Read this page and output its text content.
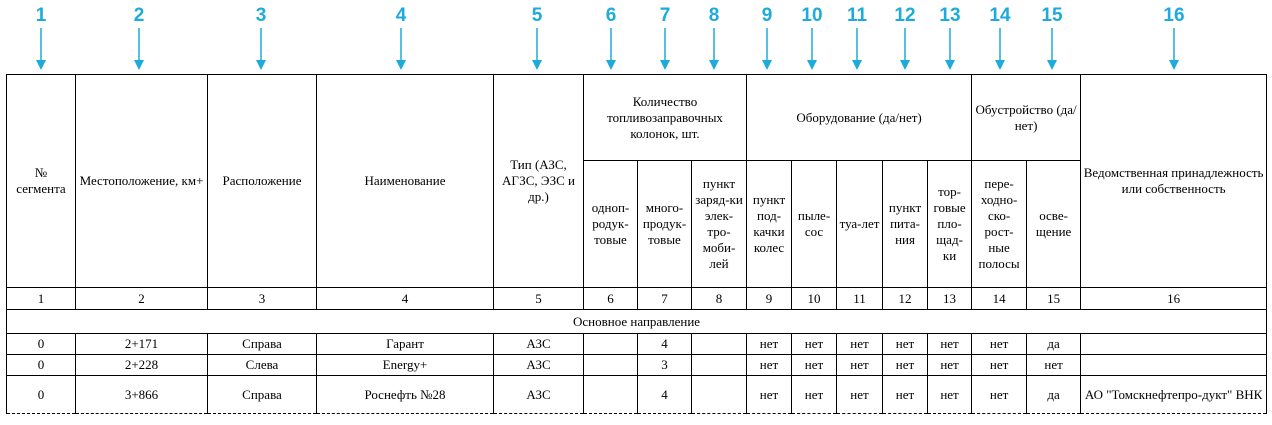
1	2	3	4	5	6	7	8	9	10	11	12	13	14	15	16
№ сегмента	Местоположение, км+	Расположение	Наименование	Тип (АЗС, АГЗС, ЭЗС и др.)	Количество топливозаправочных колонок, шт.			Оборудование (да/нет)					Обустройство (да/нет)		Ведомственная принадлежность или собственность
					одноп-родук-товые	много-продук-товые	пункт заряд-ки элек-тро-моби-лей	пункт под-качки колес	пыле-сос	туа-лет	пункт пита-ния	тор-говые пло-щад-ки	пере-ходно-ско-рост-ные полосы	осве-щение	
1	2	3	4	5	6	7	8	9	10	11	12	13	14	15	16
Основное направление															
0	2+171	Справа	Гарант	АЗС		4		нет	нет	нет	нет	нет	нет	да	
0	2+228	Слева	Energy+	АЗС		3		нет	нет	нет	нет	нет	нет	нет	
0	3+866	Справа	Роснефть №28	АЗС		4		нет	нет	нет	нет	нет	нет	да	АО "Томскнефтепро-дукт" ВНК
